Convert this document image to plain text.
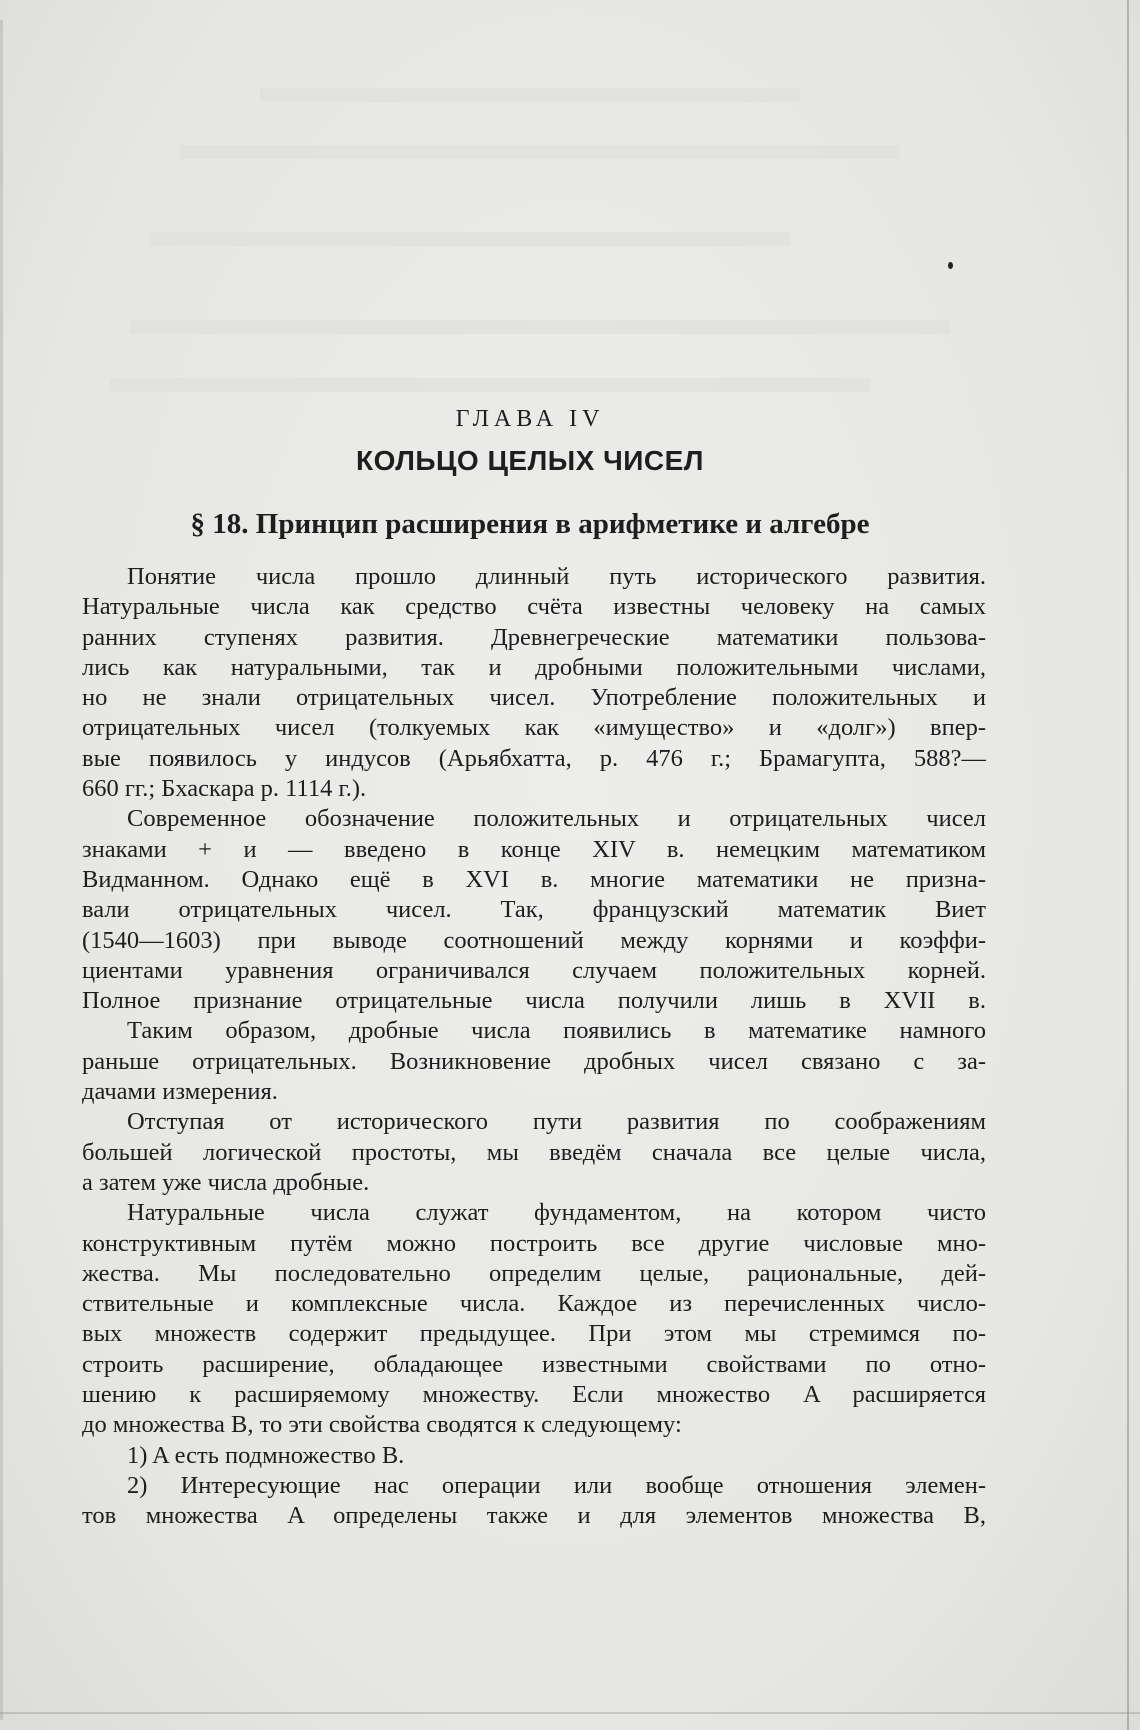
ГЛАВА IV
КОЛЬЦО ЦЕЛЫХ ЧИСЕЛ
§ 18. Принцип расширения в арифметике и алгебре
Понятие числа прошло длинный путь исторического развития.
Натуральные числа как средство счёта известны человеку на самых
ранних ступенях развития. Древнегреческие математики пользова-
лись как натуральными, так и дробными положительными числами,
но не знали отрицательных чисел. Употребление положительных и
отрицательных чисел (толкуемых как «имущество» и «долг») впер-
вые появилось у индусов (Арьябхатта, р. 476 г.; Брамагупта, 588?—
660 гг.; Бхаскара р. 1114 г.).
Современное обозначение положительных и отрицательных чисел
знаками + и — введено в конце XIV в. немецким математиком
Видманном. Однако ещё в XVI в. многие математики не призна-
вали отрицательных чисел. Так, французский математик Виет
(1540—1603) при выводе соотношений между корнями и коэффи-
циентами уравнения ограничивался случаем положительных корней.
Полное признание отрицательные числа получили лишь в XVII в.
Таким образом, дробные числа появились в математике намного
раньше отрицательных. Возникновение дробных чисел связано с за-
дачами измерения.
Отступая от исторического пути развития по соображениям
большей логической простоты, мы введём сначала все целые числа,
а затем уже числа дробные.
Натуральные числа служат фундаментом, на котором чисто
конструктивным путём можно построить все другие числовые мно-
жества. Мы последовательно определим целые, рациональные, дей-
ствительные и комплексные числа. Каждое из перечисленных число-
вых множеств содержит предыдущее. При этом мы стремимся по-
строить расширение, обладающее известными свойствами по отно-
шению к расширяемому множеству. Если множество A расширяется
до множества B, то эти свойства сводятся к следующему:
1) A есть подмножество B.
2) Интересующие нас операции или вообще отношения элемен-
тов множества A определены также и для элементов множества B,
